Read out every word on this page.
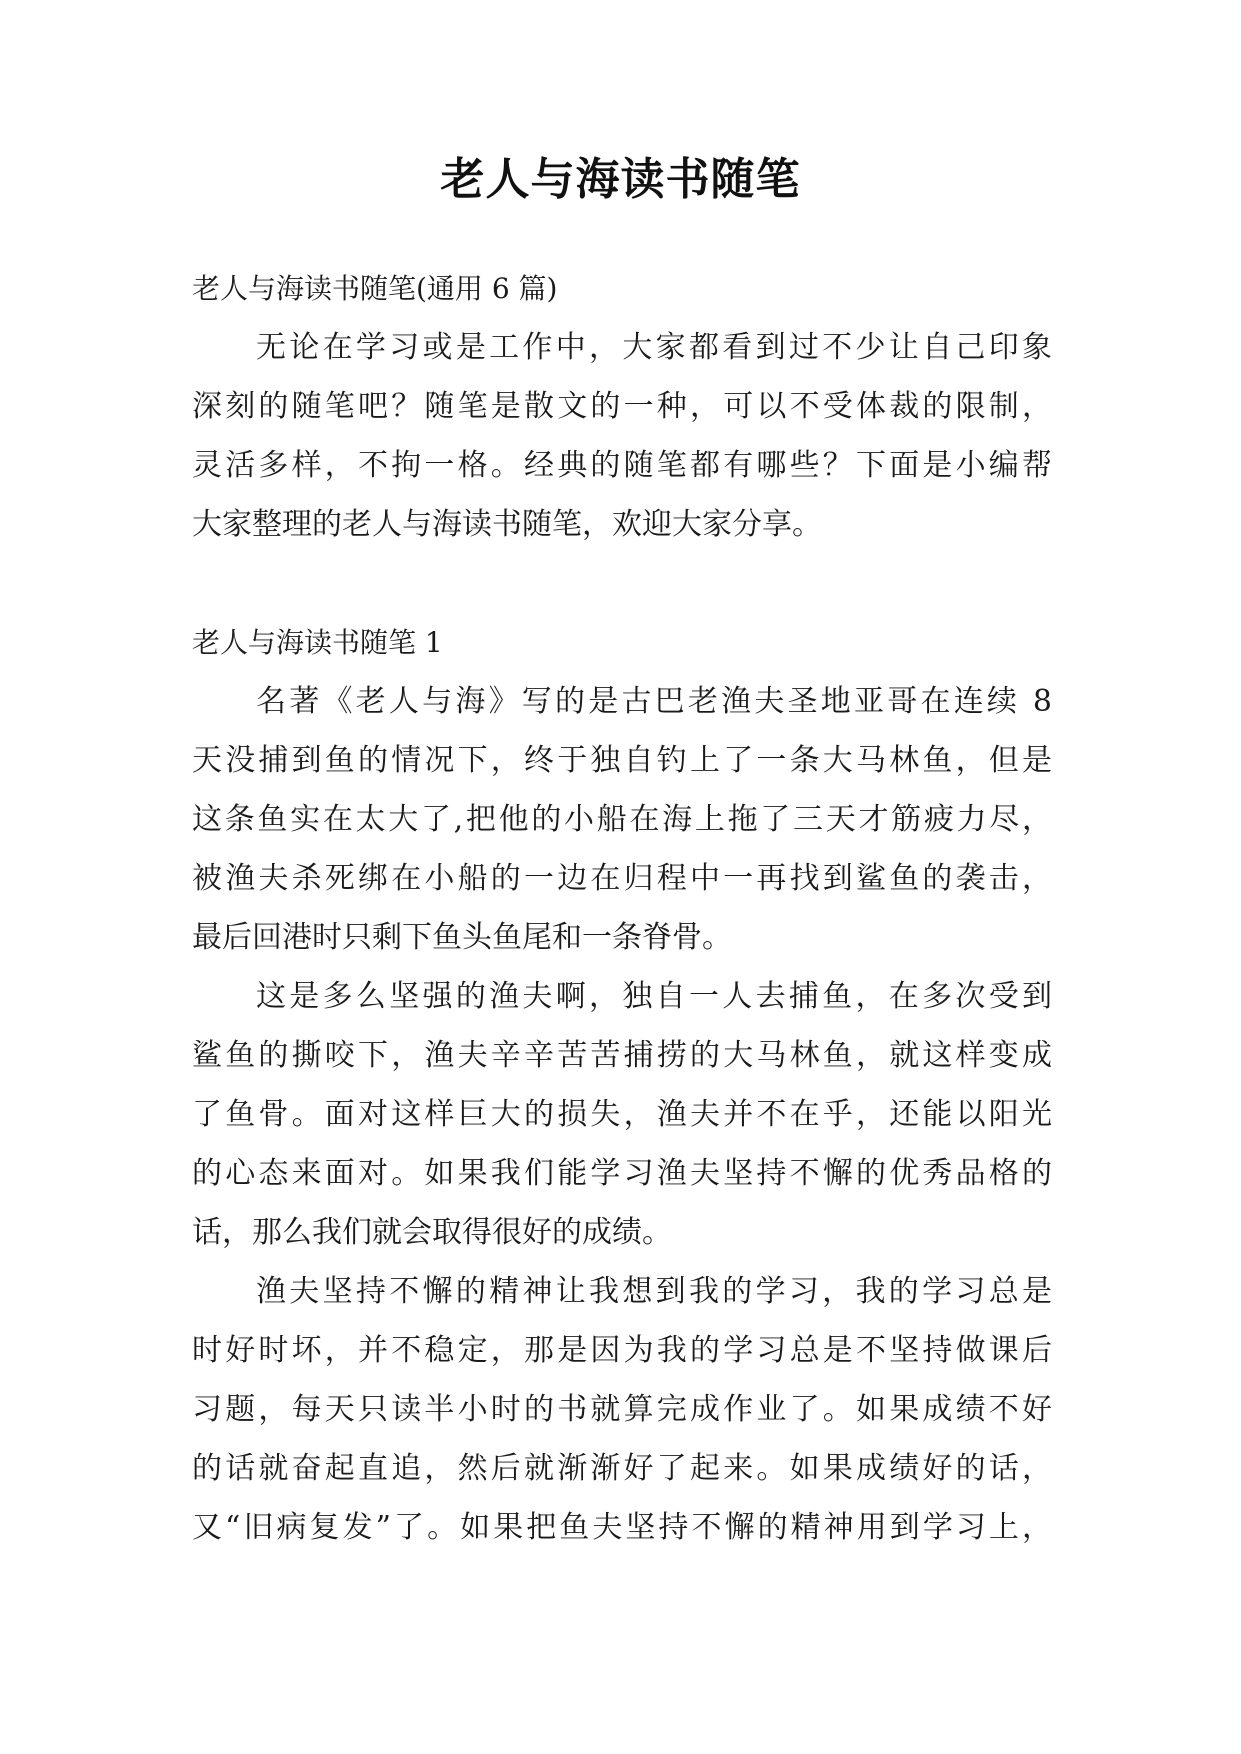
老人与海读书随笔
老人与海读书随笔(通用 6 篇)
无论在学习或是工作中，大家都看到过不少让自己印象
深刻的随笔吧？随笔是散文的一种，可以不受体裁的限制，
灵活多样，不拘一格。经典的随笔都有哪些？下面是小编帮
大家整理的老人与海读书随笔，欢迎大家分享。
老人与海读书随笔 1
名著《老人与海》写的是古巴老渔夫圣地亚哥在连续 8
天没捕到鱼的情况下，终于独自钓上了一条大马林鱼，但是
这条鱼实在太大了,把他的小船在海上拖了三天才筋疲力尽，
被渔夫杀死绑在小船的一边在归程中一再找到鲨鱼的袭击，
最后回港时只剩下鱼头鱼尾和一条脊骨。
这是多么坚强的渔夫啊，独自一人去捕鱼，在多次受到
鲨鱼的撕咬下，渔夫辛辛苦苦捕捞的大马林鱼，就这样变成
了鱼骨。面对这样巨大的损失，渔夫并不在乎，还能以阳光
的心态来面对。如果我们能学习渔夫坚持不懈的优秀品格的
话，那么我们就会取得很好的成绩。
渔夫坚持不懈的精神让我想到我的学习，我的学习总是
时好时坏，并不稳定，那是因为我的学习总是不坚持做课后
习题，每天只读半小时的书就算完成作业了。如果成绩不好
的话就奋起直追，然后就渐渐好了起来。如果成绩好的话，
又“旧病复发”了。如果把鱼夫坚持不懈的精神用到学习上，
